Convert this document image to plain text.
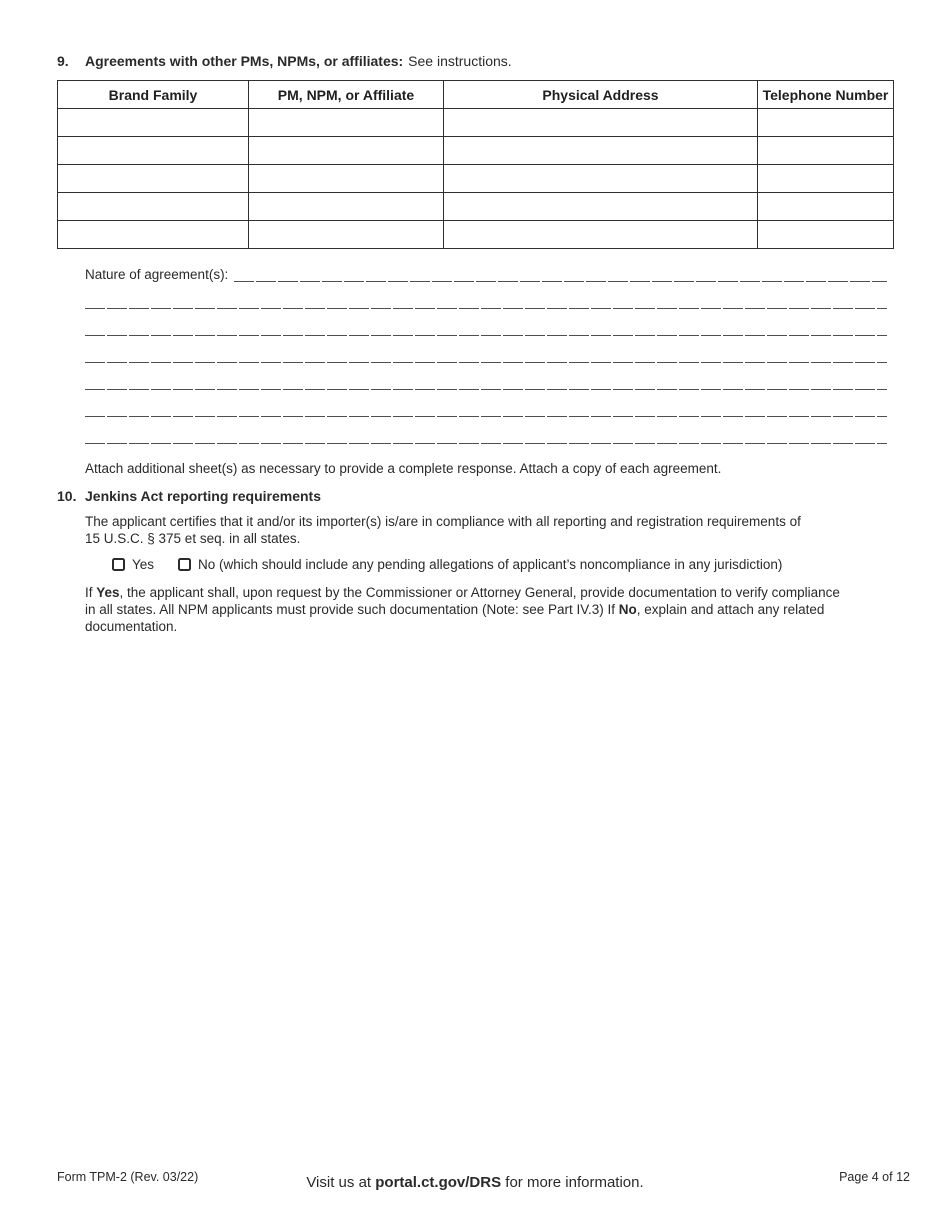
9.	Agreements with other PMs, NPMs, or affiliates: See instructions.
Brand Family	PM, NPM, or Affiliate	Physical Address	Telephone Number

Nature of agreement(s):
Attach additional sheet(s) as necessary to provide a complete response. Attach a copy of each agreement.
10. Jenkins Act reporting requirements
The applicant certifies that it and/or its importer(s) is/are in compliance with all reporting and registration requirements of
15 U.S.C. § 375 et seq. in all states.
Yes	No (which should include any pending allegations of applicant’s noncompliance in any jurisdiction)
If Yes, the applicant shall, upon request by the Commissioner or Attorney General, provide documentation to verify compliance
in all states. All NPM applicants must provide such documentation (Note: see Part IV.3) If No, explain and attach any related
documentation.
Form TPM-2 (Rev. 03/22)	Visit us at portal.ct.gov/DRS for more information.	Page 4 of 12
